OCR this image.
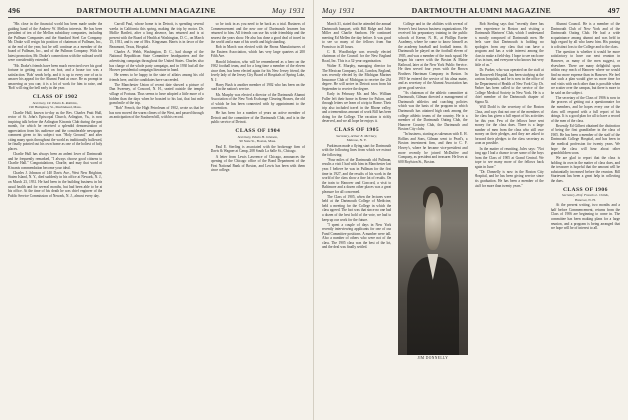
496	DARTMOUTH ALUMNI MAGAZINE	May 1931

"His close in the financial world has been made under the guiding hand of the Andrew W. Mellon interests. He has been president of ten of the Mellon subsidiary companies, including the Pullman Companies and the Standard Steel Car Company. Mr. Drake will resign his position of chairman of Pullman, Inc., at the end of the year, but he will continue as a member of the board of Pullman, Inc., and of the Pullman Company. With his latest promotion, Mr. Drake's connections with the railroad world were considerably extended.

"Mr. Drake's friends have been much exercised over his good fortune in getting out and on foot, and a house too was a satisfaction. 'Bob' sends help, and it is up to every one of us to answer his appeal for the Alumni Fund at once. Be as prompt in answering as you can; it is a lot of work for him to raise, and 'Bob' will ring the bell early in the year.

CLASS OF 1902
Secretary, Dr. Edwin K. Robbins,
190 Humphrey St., Marblehead, Mass.

Charlie Hull, known to-day as the Rev. Charles Pratt Hull, rector of St. John's Episcopal Church, Arlington, Va., is now inspiring talk before the Arlington Kiwanis Club during the past month, for which he received a splendid demonstration of appreciation from his audience and the considerable newspaper comment given to his subject was "Holy Ground," and after citing many spots throughout the world as traditionally hallowed, he finally pointed out his own home as one of the holiest of holy places.

Charlie Hull has always been an ardent lover of Dartmouth and he frequently remarked, "I always choose good citizens to Charlie Hall." Congratulations, Charlie, and may that word of Kiwanis commendation become your ideal.

Charles J. Johnson of 140 Davis Ave., West New Brighton, Staten Island, N. Y., died suddenly in his office at Newark, N. J., on March 23, 1931. He had been in the building business in his usual health and for several months, but had been able to be at his office. At the time of his death he was chief engineer of the Public Service Commission of Newark, N. J., almost every day.

Carroll Paul, whose home is in Detroit, is spending several weeks in California this spring, making the trip by motor. Dr. Mollie Bartlett, after a long absence, has returned and is at present with the Board of Health at Washington, D. C., on March 15, 1931, and is one of Mrs. Kingsman. Harris is in favor of the Beaumont, Texas, Hospital.

Charles A. Webb, Washington, D. C., had charge of the National Republican State Committee headquarters and the advertising campaign throughout the United States. Charles also has charge of the whole party campaign, and in 1930 had all the Hoover presidential campaign literature in hand.

He seems to be happy in the state of affairs among his old friends here, and the candidates have succeeded.

The Manchester Union of recent date showed a picture of Dan Sweeney, of Concord, N. H., seated outside the temple village of Fortuna. Thus seems to have adopted a little more of a hidden than the days when he boasted to his last, that last mile grand mile of the trip.

"Bob" French, the High Petroleum of 1902, wrote us that he has now moved the warm climes of the West, and passed through an anticipation of the Southern bill, with his record.

so he took in as you need to be back as a trial. Business of Commencement and the new one of Dartmouth lawmen has returned to him. All friends can use his wide friendship and the nearest the years show. He also has done a good deal of travel in the world and a man of his worth and high standing.

Bob in March was elected with the Bronx Manufacturers of the Eastern Association, which has very large quarters at 200 Fifth Ave.

Harold Johnston, who will be remembered as a hero on the 1902 football team, and for a long time a member of the eleven since then, has been elected again for his New Jersey friend, the lovely lady of the Jersey City Board of Hospitals of Spring Lake, N. J.

Harry Bush is another member of 1902 who has been on the road in the nation's service.

Mr. Murphy was elected a director of the Dartmouth Alumni Association of the New York Exchange Clearing Houses, the old of which he has been connected with by appointment to the convention.

He has been for a number of years an active member of Detroit and the committee of the Dartmouth Club, and is in the public service of Detroit.

CLASS OF 1904
Secretary, Edwin H. Johnson,
90 State St., Boston, Mass.

Paul E. Sterling is associated with the brokerage firm of Davis & Wagner at Camp, 208 South La Salle St., Chicago.

A letter from Lewis Lawrence of Chicago, announces the opening of the Chicago office of the Bond Department of the First National Bank of Boston, and Lewis has been with them since college.

May 1931	DARTMOUTH ALUMNI MAGAZINE	497

March 31, stated that he attended the annual Dartmouth banquet, with Bill Ridge and John Miller and Charlie Sanborn. He continued meeting Ed Mellen the day before. It was good to see so many of the fellows from San Francisco in 20 hours.

C. R. Woodbridge was recently elected chairman of the Council for the New England Road, Inc. This is a 32-year organization.

Walter E. Murphy, managing director for The Mexican Company, Ltd., London, England, was recently elected by the Michigan Mariner Insurance Club of Michigan to receive the 23d degree. He will arrive in Detroit soon from his September to receive the degree.

Early in February Mr. and Mrs. William Fuller left their home in Keene for Fulton, and through letters we learn of a trip to Rome. Their trip also included travel in the Rhone valley, and a tremendous amount of work Bill has been doing for the College. The vacation is richly deserved, and we all hope he enjoys it.

CLASS OF 1905
Secretary, Arthur E. McClary,
Melrose, N. Y.

Parkinson made a flying start for Dartmouth with the following lines from which we extract the following:

"Four miles of the Dartmouth old Pullman, results a visit I had with him in Manchester last year. I believe he was in Pullman for the first time in 1927, and the results of his work in the world of the class show a fine lot of results. On the train to Hanover and Concord, a visit to Baltimore and a dozen other places was a great pleasure for all concerned.

The Class of 1905, when the lectures were held at the Dartmouth College of Medicine, held a meeting for the College in which the class agreed. The fact was that since no one had a dozen of the best hold of the vote, we had to keep up our work for the future.

"I spent a couple of days in New York recently interviewing applicants for one of our Fund Committee positions. A number were tall. Also a number of others who were not of the class. The 1905 class was the best of the lot, and the deal was finally settled.

College and in the abilities with several of Seaver's best known business organizations. He received his preparatory training in the public schools of Keene, N. H., at Phillips Exeter Academy, where he came to know himself as the academy baseball and football teams. At Dartmouth he played on the football eleven of 1905, and was a member of the track squad. He began his career with the Boston & Maine Railroad, later at the New York Public Service. He then served four years with the Brown Brothers Harriman Company in Boston. In 1919 he entered the service of his alma mater, and as secretary of the Alumni Association has given good service.

"As chairman of the athletic committee at Dartmouth, Gilman directed a management of Dartmouth athletics and coaching policies which was the basis of the program in which Dartmouth has attained high rank among the college athletic teams of the country. He is a member of the Dartmouth Outing Club, the Hanover Country Club, the Dartmouth and Boston City clubs.

"In business, starting as salesman with E. H. Rollins and Sons, Gilman went to Pearl's, a Boston investment firm, and then to C. F. Hovey's, where he became vice-president and more recently he joined McDuffee and Company, as president and treasurer. He lives at 600 Boylston St., Boston.

JIM DONNELLY

Bob Sterling says that "recently there has been experience in Boston and visiting a Dartmouth Mariners' Club, which I understand is mostly composed of Dartmouth men. He feels sure that Dartmouth is holding no apologies from any class that can have a program and has a wide interest among the class to make a field-day. I hope to see each one of us in turn, and everyone who knows but very little of us."

Dr. Parker, who was operated on the staff at the Roosevelt Hospital, has been studying at the various hospitals, and he is now in the office of the Department of Health of New York City. Dr. Parker has been called to the service of the College Medical Society in New York. He is a chief member of the Dartmouth chapter of Sigma Xi.

Will Dodd is the secretary of the Boston Class, and says that not one of the members of the class has given a full report of his activities for this year. Few of the fellows have sent money for the class dues. There is a large number of men from the class who still owe money on their pledges, and they are asked to forward their pledges to the class secretary as soon as possible.

In the matter of reuniting, Jules says: "Not long ago I had a chance to see some of the boys from the Class of 1905 at Grand Central. We hope to see many more of the fellows back again in June."

"Dr. Donnelly is now in the Boston City Hospital, and he has been giving service since his graduation. He has been a member of the staff for more than twenty years."

Alumni Council. He is a member of the Dartmouth Club of New York and of the Dartmouth Outing Club. He had a wide acquaintance among alumni and was held in high regard by all who knew him. His passing is a distinct loss to the College and to the class.

The question is whether it would be more satisfactory to have our next reunion in Hanover, as many of the men suggest, or elsewhere. There are many delightful spots within easy reach of Hanover where we would find no more expense than in Hanover. We feel that such a plan would give us more time for real visits with each other than is possible when we scatter over the campus, but there is more to be said on the subject.

The secretary of the Class of 1906 is now in the process of getting out a questionnaire for the members, and he hopes every one of the class will respond with a full report of his doings. It is a good plan for all to have a record of the men of the class.

Recently Ed Gilbert obtained the distinction of being the first grandfather in the class of 1905. He has been a member of the staff of the Dartmouth College Hospital, and has been in the medical profession for twenty years. We hope the class will hear about other grandchildren soon.

We are glad to report that the class is holding its own in the matter of class dues, and the treasurer is hopeful that the amount will be substantially increased before the reunion. Bill Sturtevant has been a great help in collecting the dues.

CLASS OF 1906
Secretary, Prof. Francis L. Childs,
Hanover, N. H.

At the present writing, two months and a half before Commencement, returns from the Class of 1906 are beginning to come in. The committee has been making plans for a large reunion, and a program is being arranged that we hope will be of interest to all.
